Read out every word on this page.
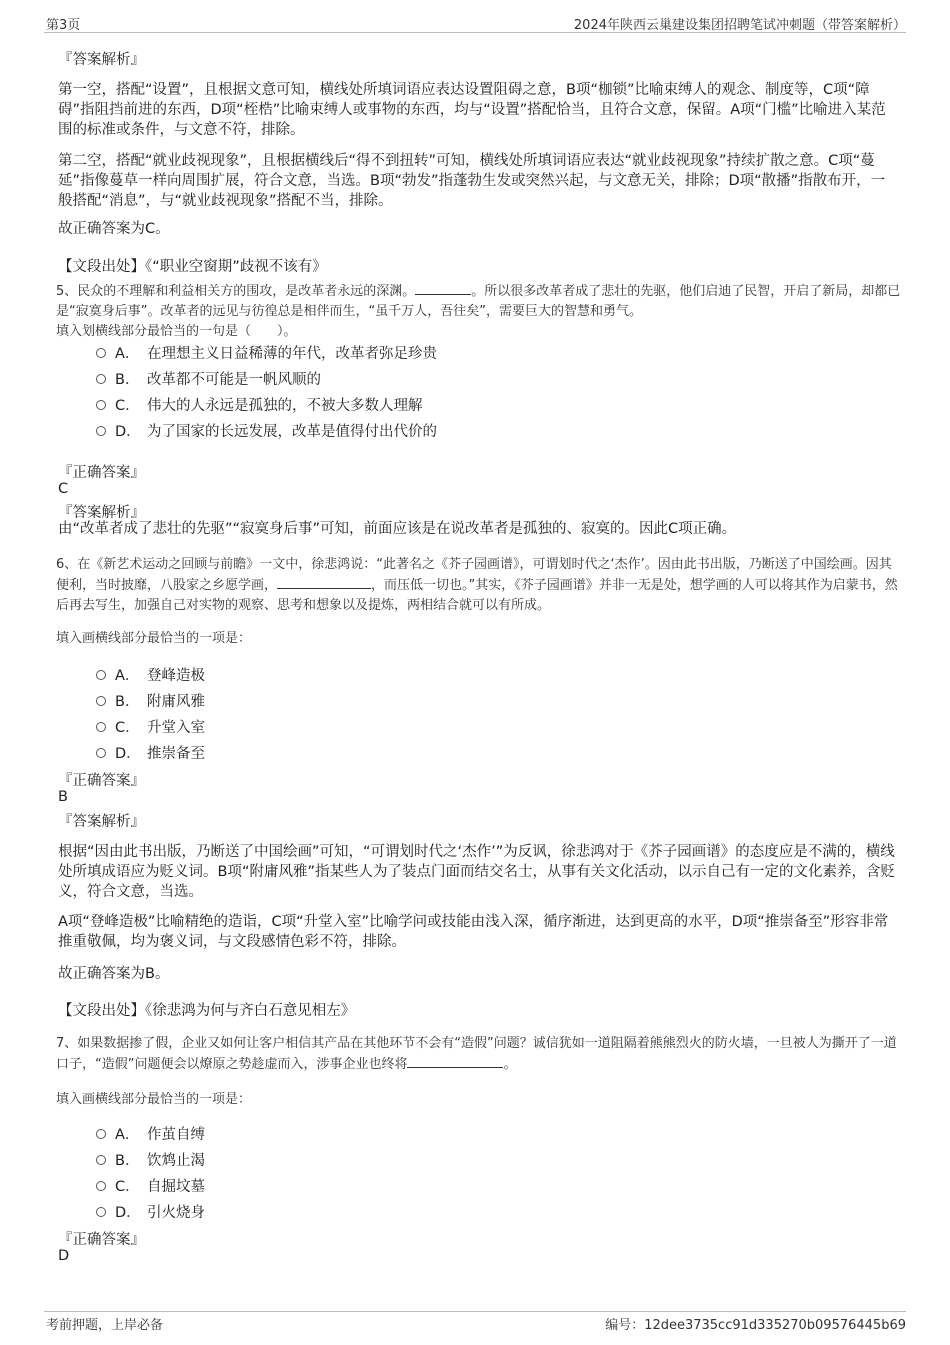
第3页	2024年陕西云巢建设集团招聘笔试冲刺题（带答案解析）
『答案解析』
第一空，搭配“设置”，且根据文意可知，横线处所填词语应表达设置阻碍之意，B项“枷锁”比喻束缚人的观念、制度等，C项“障碍”指阻挡前进的东西，D项“桎梏”比喻束缚人或事物的东西，均与“设置”搭配恰当，且符合文意，保留。A项“门槛”比喻进入某范围的标准或条件，与文意不符，排除。
第二空，搭配“就业歧视现象”，且根据横线后“得不到扭转”可知，横线处所填词语应表达“就业歧视现象”持续扩散之意。C项“蔓延”指像蔓草一样向周围扩展，符合文意，当选。B项“勃发”指蓬勃生发或突然兴起，与文意无关，排除；D项“散播”指散布开，一般搭配“消息”，与“就业歧视现象”搭配不当，排除。
故正确答案为C。
【文段出处】《“职业空窗期”歧视不该有》
5、民众的不理解和利益相关方的围攻，是改革者永远的深渊。	。所以很多改革者成了悲壮的先驱，他们启迪了民智，开启了新局，却都已是“寂寞身后事”。改革者的远见与彷徨总是相伴而生，“虽千万人，吾往矣”，需要巨大的智慧和勇气。
填入划横线部分最恰当的一句是（　　）。
A． 在理想主义日益稀薄的年代，改革者弥足珍贵
B． 改革都不可能是一帆风顺的
C． 伟大的人永远是孤独的，不被大多数人理解
D． 为了国家的长远发展，改革是值得付出代价的
『正确答案』
C
『答案解析』
由“改革者成了悲壮的先驱”“寂寞身后事”可知，前面应该是在说改革者是孤独的、寂寞的。因此C项正确。
6、在《新艺术运动之回顾与前瞻》一文中，徐悲鸿说：“此著名之《芥子园画谱》，可谓划时代之‘杰作’。因由此书出版，乃断送了中国绘画。因其便利，当时披靡，八股家之乡愿学画，	，而压低一切也。”其实，《芥子园画谱》并非一无是处，想学画的人可以将其作为启蒙书，然后再去写生，加强自己对实物的观察、思考和想象以及提炼，两相结合就可以有所成。
填入画横线部分最恰当的一项是：
A． 登峰造极
B． 附庸风雅
C． 升堂入室
D． 推崇备至
『正确答案』
B
『答案解析』
根据“因由此书出版，乃断送了中国绘画”可知，“可谓划时代之‘杰作’”为反讽，徐悲鸿对于《芥子园画谱》的态度应是不满的，横线处所填成语应为贬义词。B项“附庸风雅”指某些人为了装点门面而结交名士，从事有关文化活动，以示自己有一定的文化素养，含贬义，符合文意，当选。
A项“登峰造极”比喻精绝的造诣，C项“升堂入室”比喻学问或技能由浅入深，循序渐进，达到更高的水平，D项“推崇备至”形容非常推重敬佩，均为褒义词，与文段感情色彩不符，排除。
故正确答案为B。
【文段出处】《徐悲鸿为何与齐白石意见相左》
7、如果数据掺了假，企业又如何让客户相信其产品在其他环节不会有“造假”问题？诚信犹如一道阻隔着熊熊烈火的防火墙，一旦被人为撕开了一道口子，“造假”问题便会以燎原之势趁虚而入，涉事企业也终将	。
填入画横线部分最恰当的一项是：
A． 作茧自缚
B． 饮鸩止渴
C． 自掘坟墓
D． 引火烧身
『正确答案』
D
考前押题，上岸必备	编号：12dee3735cc91d335270b09576445b69
